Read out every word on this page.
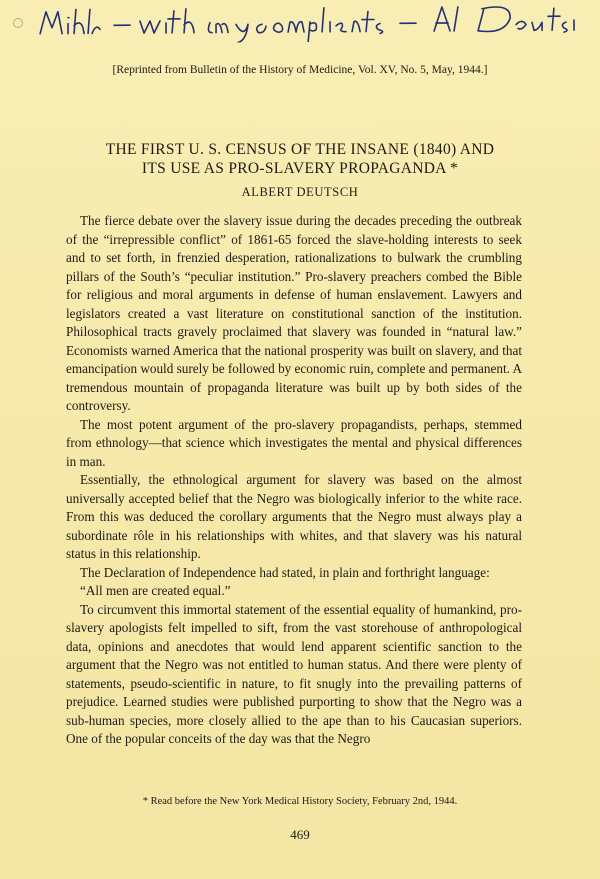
[Reprinted from Bulletin of the History of Medicine, Vol. XV, No. 5, May, 1944.]
THE FIRST U. S. CENSUS OF THE INSANE (1840) AND
ITS USE AS PRO-SLAVERY PROPAGANDA *
ALBERT DEUTSCH

The fierce debate over the slavery issue during the decades preceding the outbreak of the “irrepressible conflict” of 1861-65 forced the slave-holding interests to seek and to set forth, in frenzied desperation, rationalizations to bulwark the crumbling pillars of the South’s “peculiar institution.” Pro-slavery preachers combed the Bible for religious and moral arguments in defense of human enslavement. Lawyers and legislators created a vast literature on constitutional sanction of the institution. Philosophical tracts gravely proclaimed that slavery was founded in “natural law.” Economists warned America that the national prosperity was built on slavery, and that emancipation would surely be followed by economic ruin, complete and permanent. A tremendous mountain of propaganda literature was built up by both sides of the controversy.

The most potent argument of the pro-slavery propagandists, perhaps, stemmed from ethnology—that science which investigates the mental and physical differences in man.

Essentially, the ethnological argument for slavery was based on the almost universally accepted belief that the Negro was biologically inferior to the white race. From this was deduced the corollary arguments that the Negro must always play a subordinate rôle in his relationships with whites, and that slavery was his natural status in this relationship.

The Declaration of Independence had stated, in plain and forthright language:

“All men are created equal.”

To circumvent this immortal statement of the essential equality of humankind, pro-slavery apologists felt impelled to sift, from the vast storehouse of anthropological data, opinions and anecdotes that would lend apparent scientific sanction to the argument that the Negro was not entitled to human status. And there were plenty of statements, pseudo-scientific in nature, to fit snugly into the prevailing patterns of prejudice. Learned studies were published purporting to show that the Negro was a sub-human species, more closely allied to the ape than to his Caucasian superiors. One of the popular conceits of the day was that the Negro

* Read before the New York Medical History Society, February 2nd, 1944.
469
